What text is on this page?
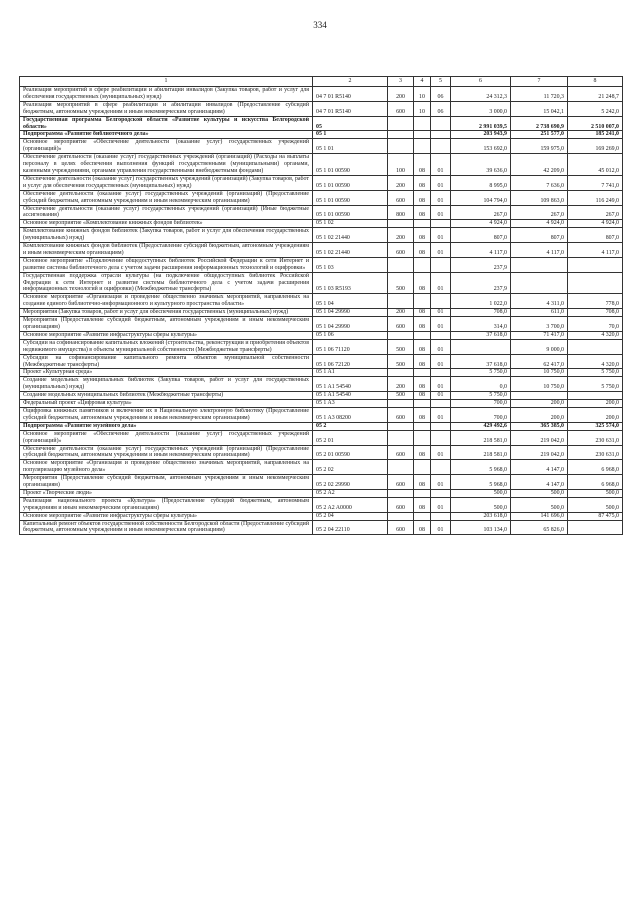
334
1	2	3	4	5	6	7	8
Реализация мероприятий в сфере реабилитации и абилитации инвалидов (Закупка товаров, работ и услуг для обеспечения государственных (муниципальных) нужд)	04 7 01 R5140	200	10	06	24 312,3	11 720,3	21 248,7
Реализация мероприятий в сфере реабилитации и абилитации инвалидов (Предоставление субсидий бюджетным, автономным учреждениям и иным некоммерческим организациям)	04 7 01 R5140	600	10	06	3 000,0	15 042,1	5 242,0
Государственная программа Белгородской области «Развитие культуры и искусства Белгородской области»	05				2 991 039,5	2 738 690,9	2 510 007,0
Подпрограмма «Развитие библиотечного дела»	05 1				203 943,9	251 577,0	185 241,0
Основное мероприятие «Обеспечение деятельности (оказание услуг) государственных учреждений (организаций)»	05 1 01				153 692,0	159 975,0	169 269,0
Обеспечение деятельности (оказание услуг) государственных учреждений (организаций) (Расходы на выплаты персоналу в целях обеспечения выполнения функций государственными (муниципальными) органами, казенными учреждениями, органами управления государственными внебюджетными фондами)	05 1 01 00590	100	08	01	39 636,0	42 209,0	45 012,0
Обеспечение деятельности (оказание услуг) государственных учреждений (организаций) (Закупка товаров, работ и услуг для обеспечения государственных (муниципальных) нужд)	05 1 01 00590	200	08	01	8 995,0	7 636,0	7 741,0
Обеспечение деятельности (оказание услуг) государственных учреждений (организаций) (Предоставление субсидий бюджетным, автономным учреждениям и иным некоммерческим организациям)	05 1 01 00590	600	08	01	104 794,0	109 863,0	116 249,0
Обеспечение деятельности (оказание услуг) государственных учреждений (организаций) (Иные бюджетные ассигнования)	05 1 01 00590	800	08	01	267,0	267,0	267,0
Основное мероприятие «Комплектование книжных фондов библиотек»	05 1 02				4 924,0	4 924,0	4 924,0
Комплектование книжных фондов библиотек (Закупка товаров, работ и услуг для обеспечения государственных (муниципальных) нужд)	05 1 02 21440	200	08	01	807,0	807,0	807,0
Комплектование книжных фондов библиотек (Предоставление субсидий бюджетным, автономным учреждениям и иным некоммерческим организациям)	05 1 02 21440	600	08	01	4 117,0	4 117,0	4 117,0
Основное мероприятие «Подключение общедоступных библиотек Российской Федерации к сети Интернет и развитие системы библиотечного дела с учетом задачи расширения информационных технологий и оцифровки»	05 1 03				237,9		
Государственная поддержка отрасли культуры (на подключение общедоступных библиотек Российской Федерации к сети Интернет и развитие системы библиотечного дела с учетом задачи расширения информационных технологий и оцифровки) (Межбюджетные трансферты)	05 1 03 R5193	500	08	01	237,9		
Основное мероприятие «Организация и проведение общественно значимых мероприятий, направленных на создание единого библиотечно-информационного и культурного пространства области»	05 1 04				1 022,0	4 311,0	778,0
Мероприятия (Закупка товаров, работ и услуг для обеспечения государственных (муниципальных) нужд)	05 1 04 29990	200	08	01	708,0	611,0	708,0
Мероприятия (Предоставление субсидий бюджетным, автономным учреждениям и иным некоммерческим организациям)	05 1 04 29990	600	08	01	314,0	3 700,0	70,0
Основное мероприятие «Развитие инфраструктуры сферы культуры»	05 1 06				37 618,0	71 417,0	4 320,0
Субсидии на софинансирование капитальных вложений (строительства, реконструкции и приобретения объектов недвижимого имущества) в объекты муниципальной собственности (Межбюджетные трансферты)	05 1 06 71120	500	08	01		9 000,0	
Субсидии на софинансирование капитального ремонта объектов муниципальной собственности (Межбюджетные трансферты)	05 1 06 72120	500	08	01	37 618,0	62 417,0	4 320,0
Проект «Культурная среда»	05 1 A1				5 750,0	10 750,0	5 750,0
Создание модельных муниципальных библиотек (Закупка товаров, работ и услуг для государственных (муниципальных) нужд)	05 1 A1 54540	200	08	01	0,0	10 750,0	5 750,0
Создание модельных муниципальных библиотек (Межбюджетные трансферты)	05 1 A1 54540	500	08	01	5 750,0		
Федеральный проект «Цифровая культура»	05 1 A3				700,0	200,0	200,0
Оцифровка книжных памятников и включение их в Национальную электронную библиотеку (Предоставление субсидий бюджетным, автономным учреждениям и иным некоммерческим организациям)	05 1 A3 08200	600	08	01	700,0	200,0	200,0
Подпрограмма «Развитие музейного дела»	05 2				429 492,6	365 385,0	325 574,0
Основное мероприятие «Обеспечение деятельности (оказание услуг) государственных учреждений (организаций)»	05 2 01				218 581,0	219 042,0	230 631,0
Обеспечение деятельности (оказание услуг) государственных учреждений (организаций) (Предоставление субсидий бюджетным, автономным учреждениям и иным некоммерческим организациям)	05 2 01 00590	600	08	01	218 581,0	219 042,0	230 631,0
Основное мероприятие «Организация и проведение общественно значимых мероприятий, направленных на популяризацию музейного дела»	05 2 02				5 968,0	4 147,0	6 968,0
Мероприятия (Предоставление субсидий бюджетным, автономным учреждениям и иным некоммерческим организациям)	05 2 02 29990	600	08	01	5 968,0	4 147,0	6 968,0
Проект «Творческие люди»	05 2 A2				500,0	500,0	500,0
Реализация национального проекта «Культура» (Предоставление субсидий бюджетным, автономным учреждениям и иным некоммерческим организациям)	05 2 A2 A0000	600	08	01	500,0	500,0	500,0
Основное мероприятие «Развитие инфраструктуры сферы культуры»	05 2 04				203 618,0	141 696,0	87 475,0
Капитальный ремонт объектов государственной собственности Белгородской области (Предоставление субсидий бюджетным, автономным учреждениям и иным некоммерческим организациям)	05 2 04 22110	600	08	01	103 134,0	65 826,0	
